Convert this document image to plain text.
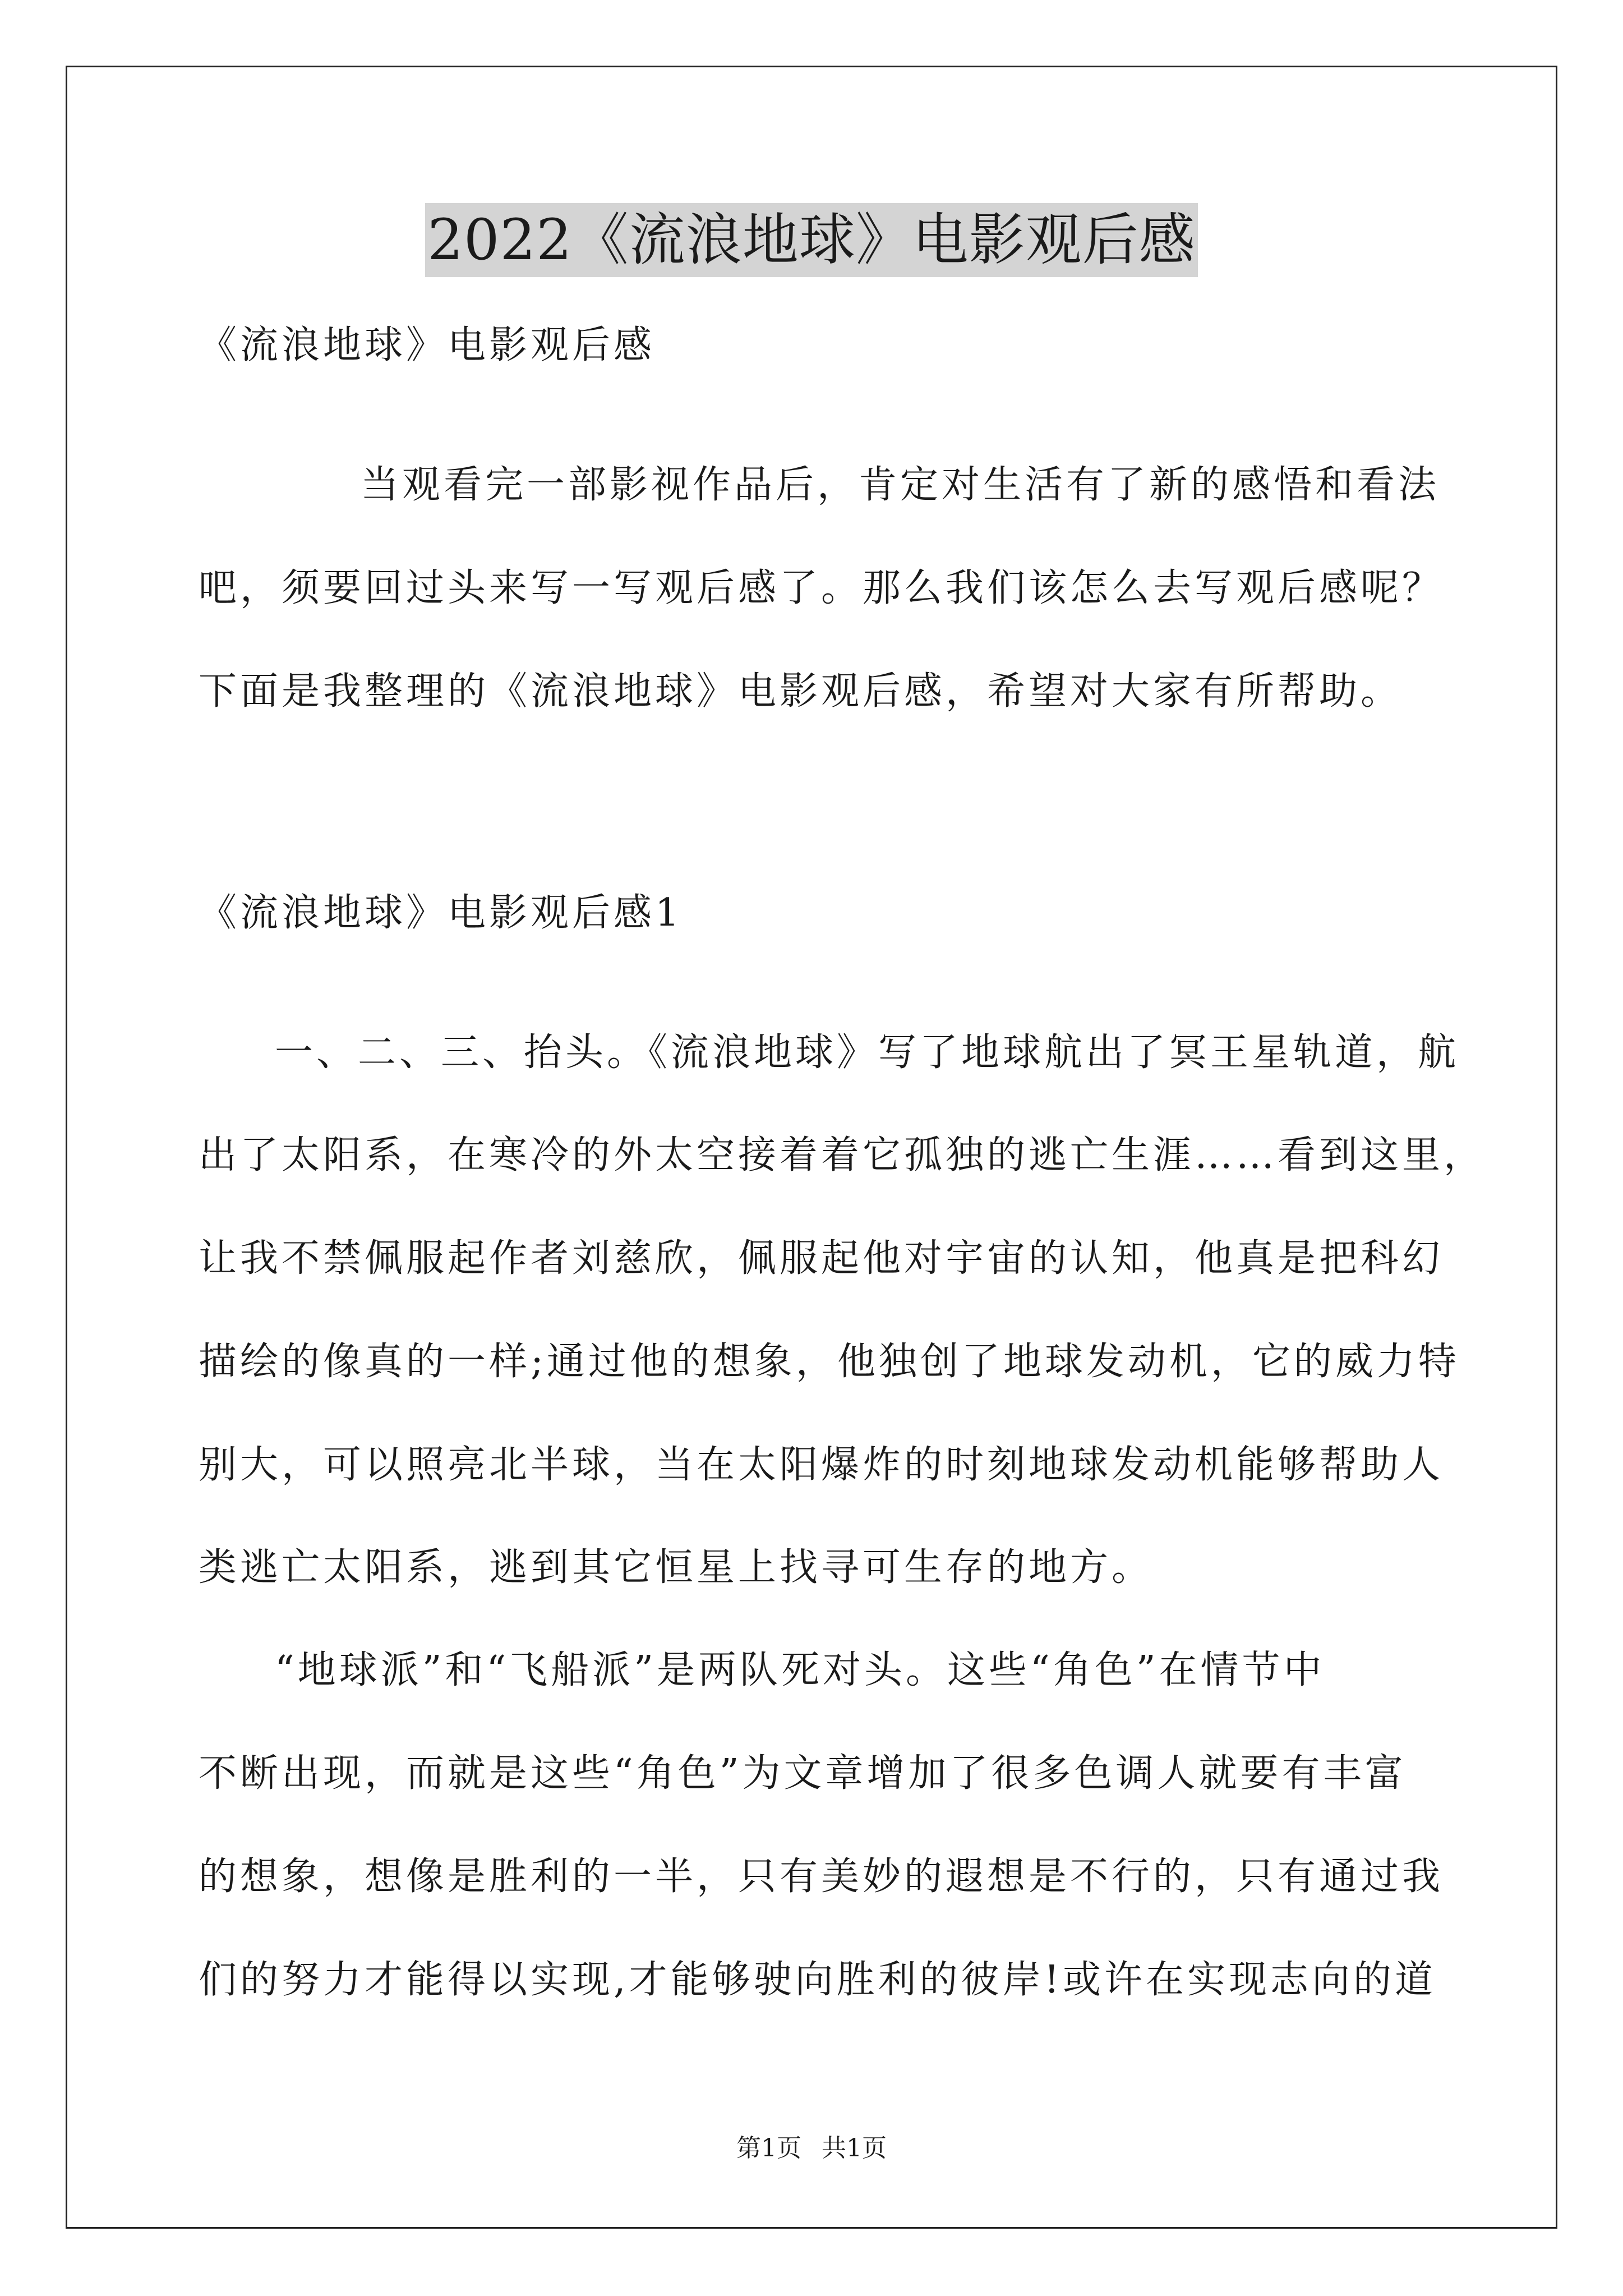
2022《流浪地球》电影观后感
《流浪地球》电影观后感
当观看完一部影视作品后，肯定对生活有了新的感悟和看法
吧，须要回过头来写一写观后感了。那么我们该怎么去写观后感呢？
下面是我整理的《流浪地球》电影观后感，希望对大家有所帮助。
《流浪地球》电影观后感1
一、二、三、抬头。《流浪地球》写了地球航出了冥王星轨道，航
出了太阳系，在寒冷的外太空接着着它孤独的逃亡生涯……看到这里，
让我不禁佩服起作者刘慈欣，佩服起他对宇宙的认知，他真是把科幻
描绘的像真的一样;通过他的想象，他独创了地球发动机，它的威力特
别大，可以照亮北半球，当在太阳爆炸的时刻地球发动机能够帮助人
类逃亡太阳系，逃到其它恒星上找寻可生存的地方。
“地球派”和“飞船派”是两队死对头。这些“角色”在情节中
不断出现，而就是这些“角色”为文章增加了很多色调人就要有丰富
的想象，想像是胜利的一半，只有美妙的遐想是不行的，只有通过我
们的努力才能得以实现,才能够驶向胜利的彼岸!或许在实现志向的道
第1页 共1页
